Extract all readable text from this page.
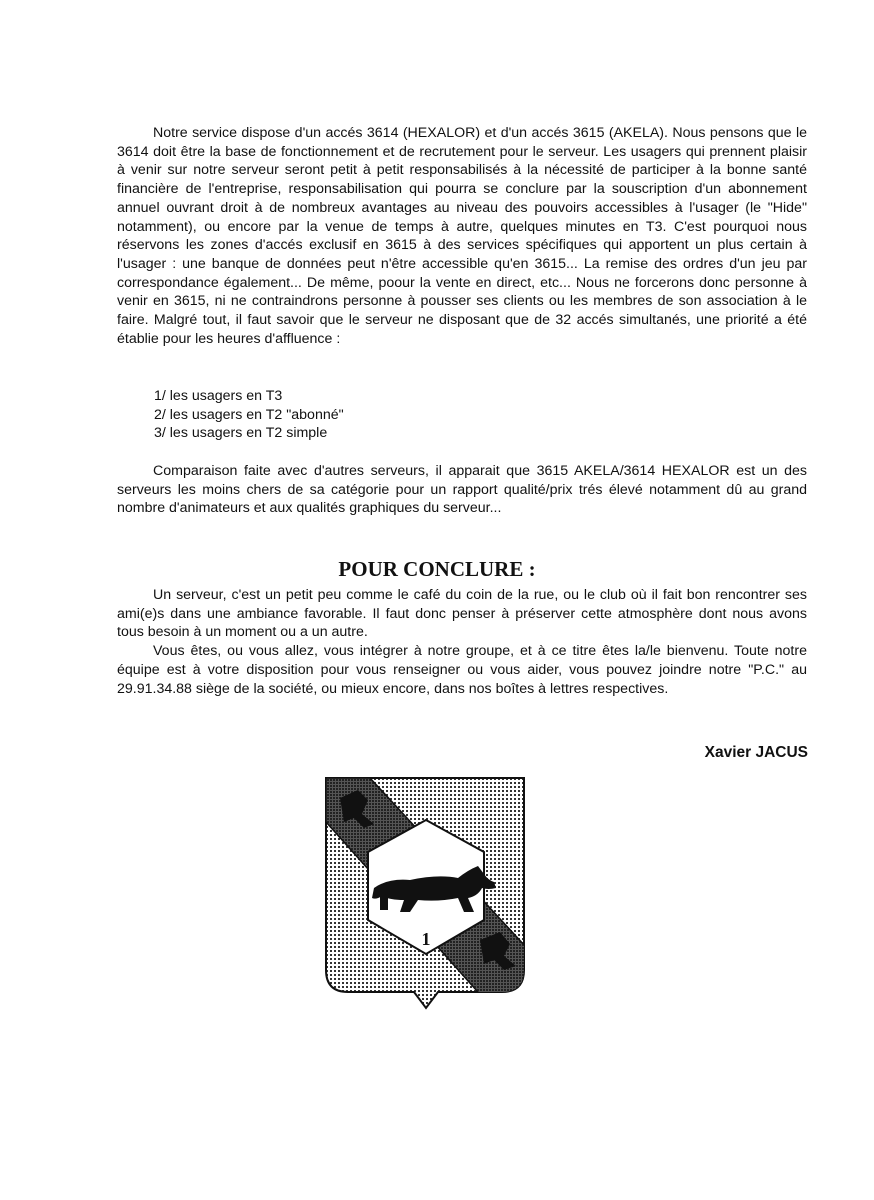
Notre service dispose d'un accés 3614 (HEXALOR) et d'un accés 3615 (AKELA). Nous pensons que le 3614 doit être la base de fonctionnement et de recrutement pour le serveur. Les usagers qui prennent plaisir à venir sur notre serveur seront petit à petit responsabilisés à la nécessité de participer à la bonne santé financière de l'entreprise, responsabilisation qui pourra se conclure par la souscription d'un abonnement annuel ouvrant droit à de nombreux avantages au niveau des pouvoirs accessibles à l'usager (le "Hide" notamment), ou encore par la venue de temps à autre, quelques minutes en T3. C'est pourquoi nous réservons les zones d'accés exclusif en 3615 à des services spécifiques qui apportent un plus certain à l'usager : une banque de données peut n'être accessible qu'en 3615... La remise des ordres d'un jeu par correspondance également... De même, poour la vente en direct, etc... Nous ne forcerons donc personne à venir en 3615, ni ne contraindrons personne à pousser ses clients ou les membres de son association à le faire. Malgré tout, il faut savoir que le serveur ne disposant que de 32 accés simultanés, une priorité a été établie pour les heures d'affluence :

1/ les usagers en T3
2/ les usagers en T2 "abonné"
3/ les usagers en T2 simple

Comparaison faite avec d'autres serveurs, il apparait que 3615 AKELA/3614 HEXALOR est un des serveurs les moins chers de sa catégorie pour un rapport qualité/prix trés élevé notamment dû au grand nombre d'animateurs et aux qualités graphiques du serveur...

POUR CONCLURE :

Un serveur, c'est un petit peu comme le café du coin de la rue, ou le club où il fait bon rencontrer ses ami(e)s dans une ambiance favorable. Il faut donc penser à préserver cette atmosphère dont nous avons tous besoin à un moment ou a un autre.

Vous êtes, ou vous allez, vous intégrer à notre groupe, et à ce titre êtes la/le bienvenu. Toute notre équipe est à votre disposition pour vous renseigner ou vous aider, vous pouvez joindre notre "P.C." au 29.91.34.88 siège de la société, ou mieux encore, dans nos boîtes à lettres respectives.

Xavier JACUS
1
